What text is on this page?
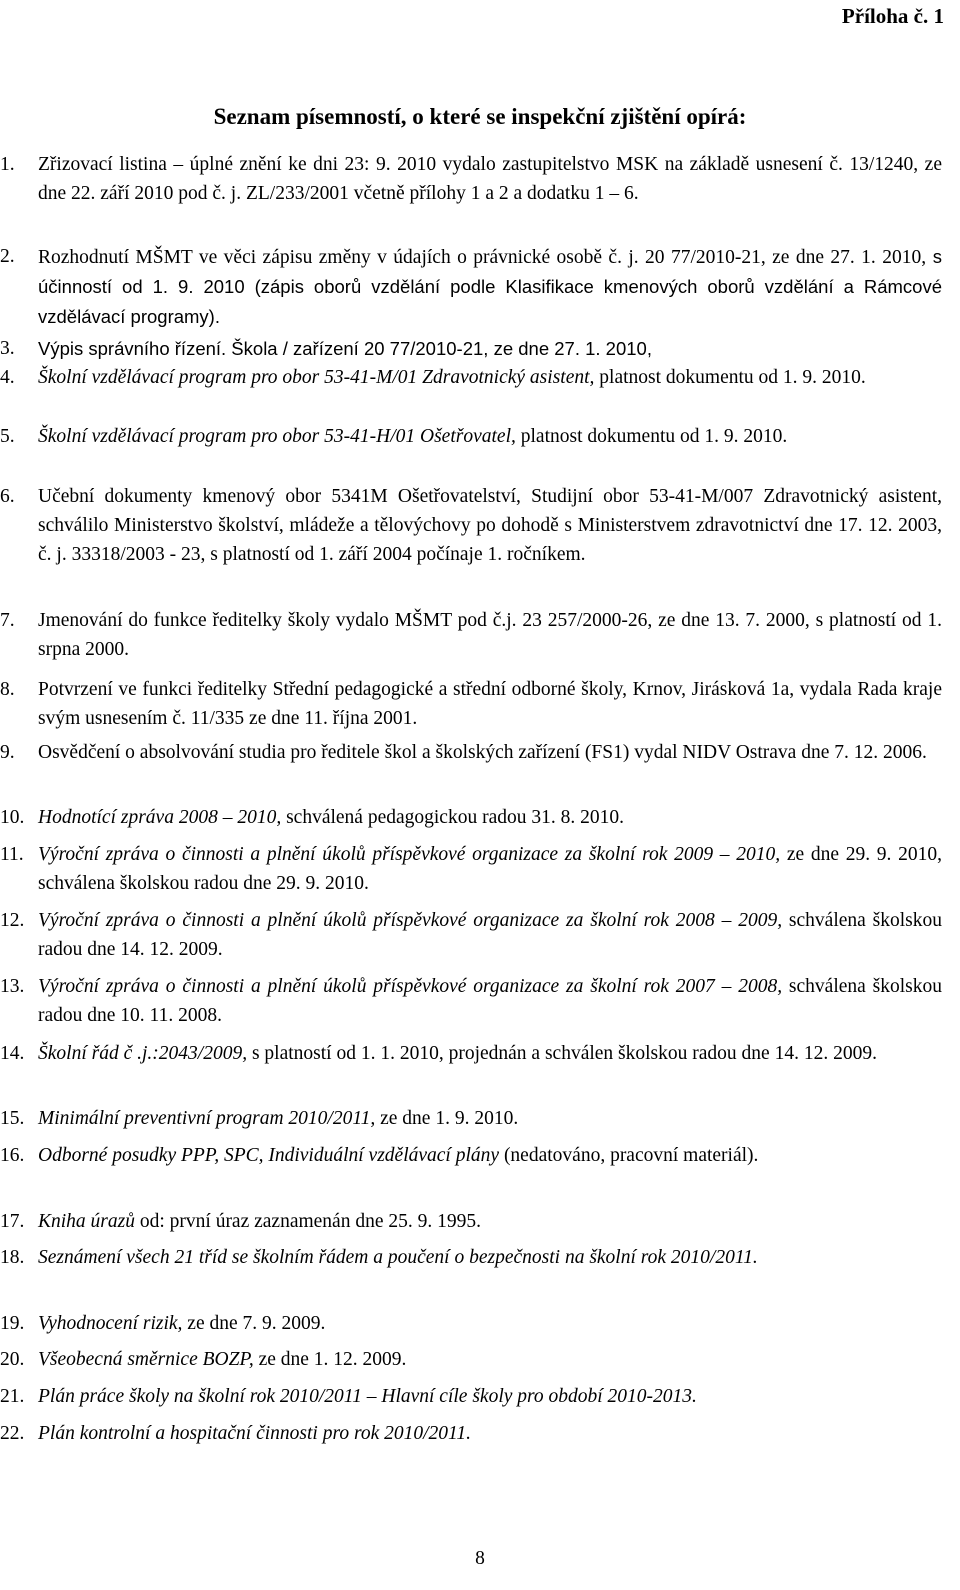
Příloha č. 1
Seznam písemností, o které se inspekční zjištění opírá:
1.	Zřizovací listina – úplné znění ke dni 23: 9. 2010 vydalo zastupitelstvo MSK na základě usnesení č. 13/1240, ze dne 22. září 2010 pod č. j. ZL/233/2001 včetně přílohy 1 a 2 a dodatku 1 – 6.
2.	Rozhodnutí MŠMT ve věci zápisu změny v údajích o právnické osobě č. j. 20 77/2010-21, ze dne 27. 1. 2010, s účinností od 1. 9. 2010 (zápis oborů vzdělání podle Klasifikace kmenových oborů vzdělání a Rámcové vzdělávací programy).
3.	Výpis správního řízení. Škola / zařízení 20 77/2010-21, ze dne 27. 1. 2010,
4.	Školní vzdělávací program pro obor 53-41-M/01 Zdravotnický asistent, platnost dokumentu od 1. 9. 2010.
5.	Školní vzdělávací program pro obor 53-41-H/01 Ošetřovatel, platnost dokumentu od 1. 9. 2010.
6.	Učební dokumenty kmenový obor 5341M Ošetřovatelství, Studijní obor 53-41-M/007 Zdravotnický asistent, schválilo Ministerstvo školství, mládeže a tělovýchovy po dohodě s Ministerstvem zdravotnictví dne 17. 12. 2003, č. j. 33318/2003 - 23, s platností od 1. září 2004 počínaje 1. ročníkem.
7.	Jmenování do funkce ředitelky školy vydalo MŠMT pod č.j. 23 257/2000-26, ze dne 13. 7. 2000, s platností od 1. srpna 2000.
8.	Potvrzení ve funkci ředitelky Střední pedagogické a střední odborné školy, Krnov, Jirásková 1a, vydala Rada kraje svým usnesením č. 11/335 ze dne 11. října 2001.
9.	Osvědčení o absolvování studia pro ředitele škol a školských zařízení (FS1) vydal NIDV Ostrava dne 7. 12. 2006.
10. Hodnotící zpráva 2008 – 2010, schválená pedagogickou radou 31. 8. 2010.
11. Výroční zpráva o činnosti a plnění úkolů příspěvkové organizace za školní rok 2009 – 2010, ze dne 29. 9. 2010, schválena školskou radou dne 29. 9. 2010.
12. Výroční zpráva o činnosti a plnění úkolů příspěvkové organizace za školní rok 2008 – 2009, schválena školskou radou dne 14. 12. 2009.
13. Výroční zpráva o činnosti a plnění úkolů příspěvkové organizace za školní rok 2007 – 2008, schválena školskou radou dne 10. 11. 2008.
14. Školní řád č .j.:2043/2009, s platností od 1. 1. 2010, projednán a schválen školskou radou dne 14. 12. 2009.
15. Minimální preventivní program 2010/2011, ze dne 1. 9. 2010.
16. Odborné posudky PPP, SPC, Individuální vzdělávací plány (nedatováno, pracovní materiál).
17. Kniha úrazů od: první úraz zaznamenán dne 25. 9. 1995.
18. Seznámení všech 21 tříd se školním řádem a poučení o bezpečnosti na školní rok 2010/2011.
19. Vyhodnocení rizik, ze dne 7. 9. 2009.
20. Všeobecná směrnice BOZP, ze dne 1. 12. 2009.
21. Plán práce školy na školní rok 2010/2011 – Hlavní cíle školy pro období 2010-2013.
22. Plán kontrolní a hospitační činnosti pro rok 2010/2011.
8
